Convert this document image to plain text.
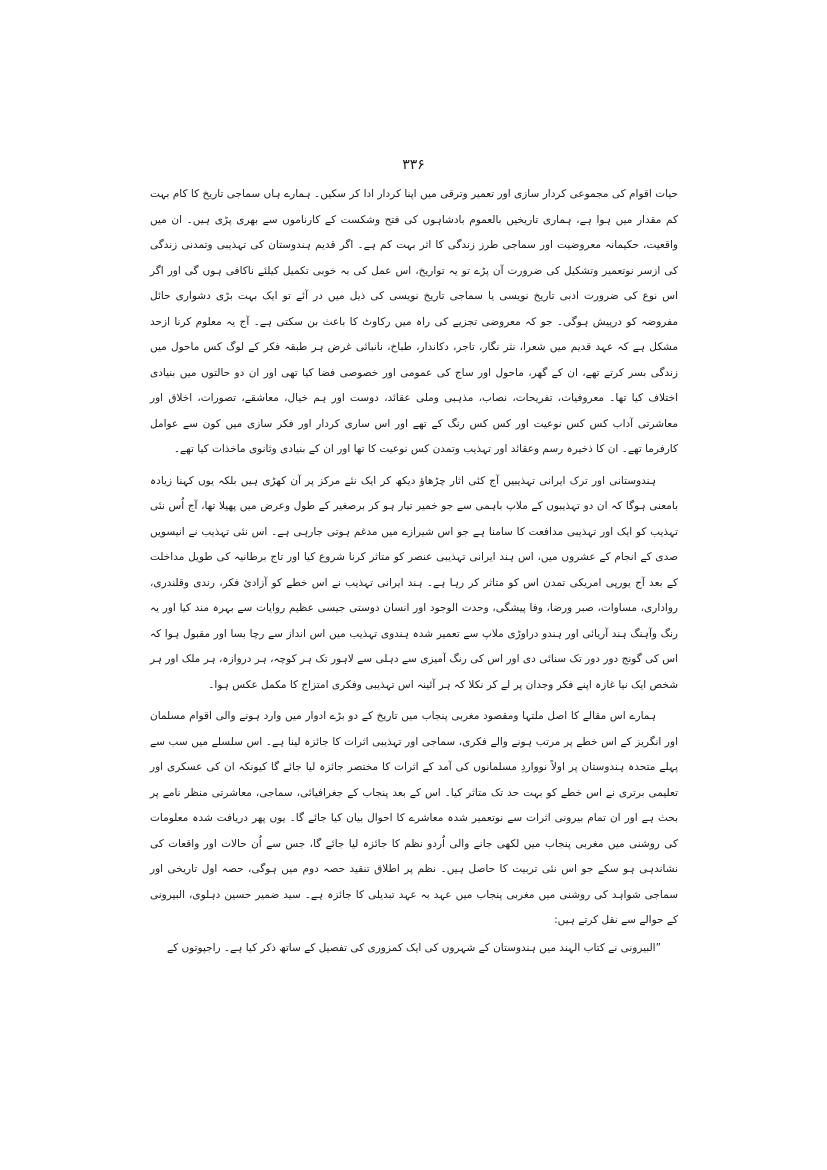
۳۳۶

حیات اقوام کی مجموعی کردار سازی اور تعمیر وترقی میں اپنا کردار ادا کر سکیں۔ ہمارے ہاں سماجی تاریخ کا کام بہت کم مقدار میں ہوا ہے، ہماری تاریخیں بالعموم بادشاہوں کی فتح وشکست کے کارناموں سے بھری پڑی ہیں۔ ان میں واقعیت، حکیمانہ معروضیت اور سماجی طرز زندگی کا اثر بہت کم ہے۔ اگر قدیم ہندوستان کی تہذیبی وتمدنی زندگی کی ازسر نوتعمیر وتشکیل کی ضرورت آن پڑے تو یہ تواریخ، اس عمل کی بہ خوبی تکمیل کیلئے ناکافی ہوں گی اور اگر اس نوع کی ضرورت ادبی تاریخ نویسی یا سماجی تاریخ نویسی کی ذیل میں در آئے تو ایک بہت بڑی دشواری حائل مفروضہ کو درپیش ہوگی۔ جو کہ معروضی تجزیے کی راہ میں رکاوٹ کا باعث بن سکتی ہے۔ آج یہ معلوم کرنا ازحد مشکل ہے کہ عہد قدیم میں شعرا، نثر نگار، تاجر، دکاندار، طباخ، نانبائی غرض ہر طبقہ فکر کے لوگ کس ماحول میں زندگی بسر کرتے تھے، ان کے گھر، ماحول اور ساج کی عمومی اور خصوصی فضا کیا تھی اور ان دو حالتوں میں بنیادی اختلاف کیا تھا۔ معروفیات، تفریحات، نصاب، مذہبی وملی عقائد، دوست اور ہم خیال، معاشقے، تصورات، اخلاق اور معاشرتی آداب کس کس نوعیت اور کس کس رنگ کے تھے اور اس ساری کردار اور فکر سازی میں کون سے عوامل کارفرما تھے۔ ان کا ذخیرہ رسم وعقائد اور تہذیب وتمدن کس نوعیت کا تھا اور ان کے بنیادی وثانوی ماخذات کیا تھے۔

ہندوستانی اور ترک ایرانی تہذیبیں آج کئی اثار چڑھاؤ دیکھ کر ایک نئے مرکز پر آن کھڑی ہیں بلکہ یوں کہنا زیادہ بامعنی ہوگا کہ ان دو تہذیبوں کے ملاپ باہمی سے جو خمیر تیار ہو کر برصغیر کے طول وعرض میں پھیلا تھا، آج اُس نئی تہذیب کو ایک اور تہذیبی مدافعت کا سامنا ہے جو اس شیرازے میں مدغم ہوتی جارہی ہے۔ اس نئی تہذیب نے انیسویں صدی کے انجام کے عشروں میں، اس ہند ایرانی تہذیبی عنصر کو متاثر کرنا شروع کیا اور تاج برطانیہ کی طویل مداخلت کے بعد آج یورپی امریکی تمدن اس کو متاثر کر رہا ہے۔ ہند ایرانی تہذیب نے اس خطے کو آزادیٔ فکر، رندی وقلندری، رواداری، مساوات، صبر ورضا، وفا پیشگی، وحدت الوجود اور انسان دوستی جیسی عظیم روایات سے بہرہ مند کیا اور یہ رنگ وآہنگ ہند آریائی اور ہندو دراوڑی ملاپ سے تعمیر شدہ ہندوی تہذیب میں اس انداز سے رچا بسا اور مقبول ہوا کہ اس کی گونج دور دور تک سنائی دی اور اس کی رنگ آمیزی سے دہلی سے لاہور تک ہر کوچہ، ہر دروازہ، ہر ملک اور ہر شخص ایک نیا غازہ اپنے فکر وجدان پر لے کر نکلا کہ ہر آئینہ اس تہذیبی وفکری امتزاج کا مکمل عکس ہوا۔

ہمارے اس مقالے کا اصل ملتہا ومقصود مغربی پنجاب میں تاریخ کے دو بڑے ادوار میں وارد ہونے والی اقوام مسلمان اور انگریز کے اس خطے پر مرتب ہونے والے فکری، سماجی اور تہذیبی اثرات کا جائزہ لینا ہے۔ اس سلسلے میں سب سے پہلے متحدہ ہندوستان پر اولاً نوواردِ مسلمانوں کی آمد کے اثرات کا مختصر جائزہ لیا جائے گا کیونکہ ان کی عسکری اور تعلیمی برتری نے اس خطے کو بہت حد تک متاثر کیا۔ اس کے بعد پنجاب کے جغرافیائی، سماجی، معاشرتی منظر نامے پر بحث ہے اور ان تمام بیرونی اثرات سے نوتعمیر شدہ معاشرے کا احوال بیان کیا جائے گا۔ یوں پھر دریافت شدہ معلومات کی روشنی میں مغربی پنجاب میں لکھی جانے والی اُردو نظم کا جائزہ لیا جائے گا، جس سے اُن حالات اور واقعات کی نشاندہی ہو سکے جو اس نئی تربیت کا حاصل ہیں۔ نظم پر اطلاق تنقید حصہ دوم میں ہوگی، حصہ اول تاریخی اور سماجی شواہد کی روشنی میں مغربی پنجاب میں عہد بہ عہد تبدیلی کا جائزہ ہے۔ سید ضمیر حسین دہلوی، البیرونی کے حوالے سے نقل کرتے ہیں:

”البیرونی نے کتاب الہند میں ہندوستان کے شہروں کی ایک کمزوری کی تفصیل کے ساتھ ذکر کیا ہے۔ راجپوتوں کے
